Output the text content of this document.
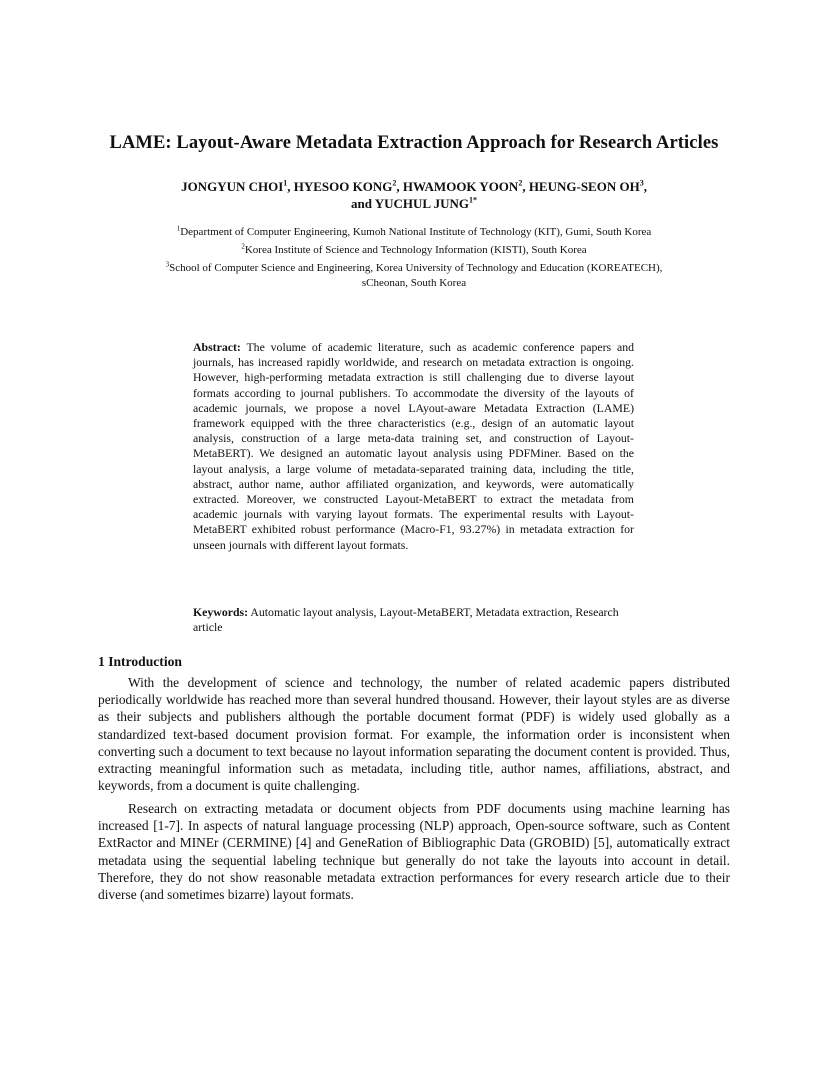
LAME: Layout-Aware Metadata Extraction Approach for Research Articles
JONGYUN CHOI$^1$, HYESOO KONG$^2$, HWAMOOK YOON$^2$, HEUNG-SEON $OH^3$,
and YUCHUL $JUNG^{1*}$
$^1$Department of Computer Engineering, Kumoh National Institute of Technology (KIT), Gumi, South Korea
$^2$Korea Institute of Science and Technology Information (KISTI), South Korea
$^3$School of Computer Science and Engineering, Korea University of Technology and Education (KOREATECH),
sCheonan, South Korea
Abstract: The volume of academic literature, such as academic conference papers and journals, has increased rapidly worldwide, and research on metadata extraction is ongoing. However, high-performing metadata extraction is still challenging due to diverse layout formats according to journal publishers. To accommodate the diversity of the layouts of academic journals, we propose a novel LAyout-aware Metadata Extraction (LAME) framework equipped with the three characteristics (e.g., design of an automatic layout analysis, construction of a large meta-data training set, and construction of Layout-MetaBERT). We designed an automatic layout analysis using PDFMiner. Based on the layout analysis, a large volume of metadata-separated training data, including the title, abstract, author name, author affiliated organization, and keywords, were automatically extracted. Moreover, we constructed Layout-MetaBERT to extract the metadata from academic journals with varying layout formats. The experimental results with Layout-MetaBERT exhibited robust performance (Macro-F1, 93.27%) in metadata extraction for unseen journals with different layout formats.
Keywords: Automatic layout analysis, Layout-MetaBERT, Metadata extraction, Research article
1 Introduction
With the development of science and technology, the number of related academic papers distributed periodically worldwide has reached more than several hundred thousand. However, their layout styles are as diverse as their subjects and publishers although the portable document format (PDF) is widely used globally as a standardized text-based document provision format. For example, the information order is inconsistent when converting such a document to text because no layout information separating the document content is provided. Thus, extracting meaningful information such as metadata, including title, author names, affiliations, abstract, and keywords, from a document is quite challenging.
Research on extracting metadata or document objects from PDF documents using machine learning has increased [1-7]. In aspects of natural language processing (NLP) approach, Open-source software, such as Content ExtRactor and MINEr (CERMINE) [4] and GeneRation of Bibliographic Data (GROBID) [5], automatically extract metadata using the sequential labeling technique but generally do not take the layouts into account in detail. Therefore, they do not show reasonable metadata extraction performances for every research article due to their diverse (and sometimes bizarre) layout formats.
